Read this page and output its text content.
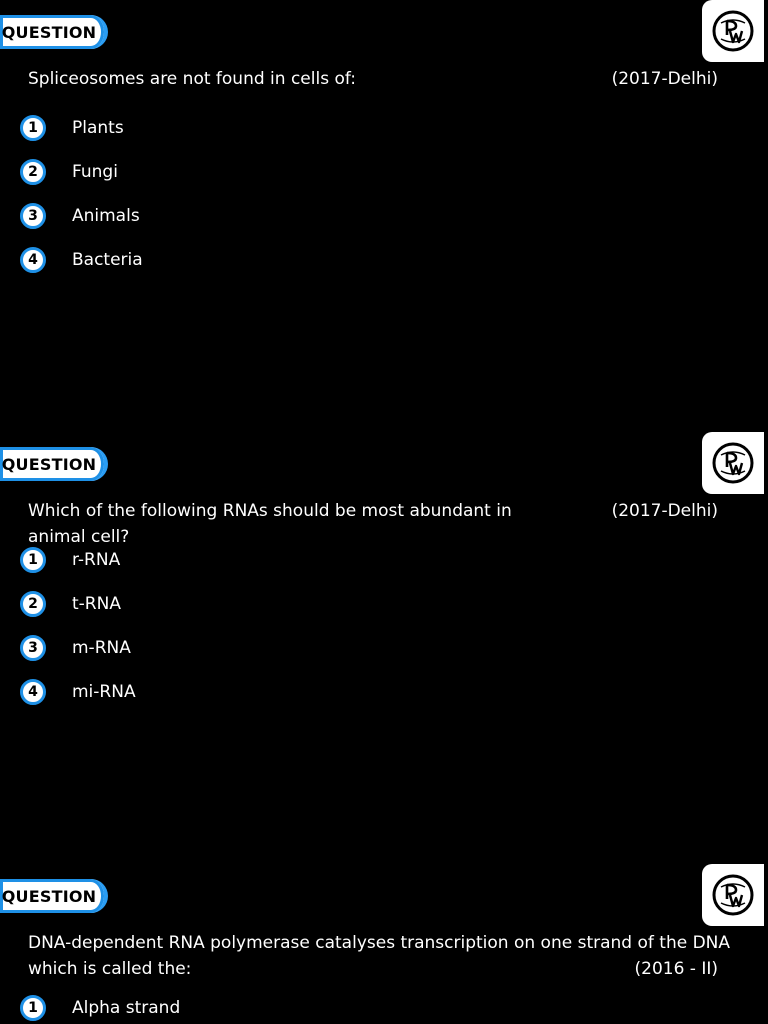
QUESTION
Spliceosomes are not found in cells of:	(2017-Delhi)
1	Plants
2	Fungi
3	Animals
4	Bacteria
QUESTION
Which of the following RNAs should be most abundant in animal cell?
(2017-Delhi)
1	r-RNA
2	t-RNA
3	m-RNA
4	mi-RNA
QUESTION
DNA-dependent RNA polymerase catalyses transcription on one strand of the DNA which is called the:	(2016 - II)
1	Alpha strand
